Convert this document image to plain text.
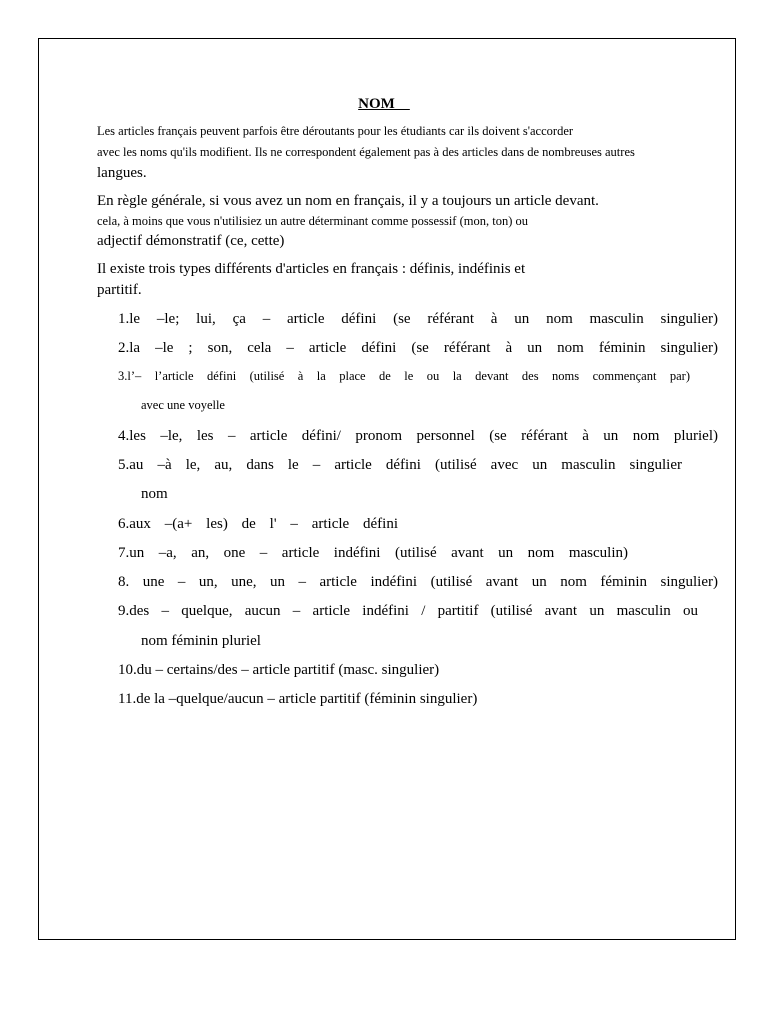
NOM
Les articles français peuvent parfois être déroutants pour les étudiants car ils doivent s'accorder
avec les noms qu'ils modifient. Ils ne correspondent également pas à des articles dans de nombreuses autres
langues.
En règle générale, si vous avez un nom en français, il y a toujours un article devant.
cela, à moins que vous n'utilisiez un autre déterminant comme possessif (mon, ton) ou
adjectif démonstratif (ce, cette)
Il existe trois types différents d'articles en français : définis, indéfinis et
partitif.
1.le –le; lui, ça – article défini (se référant à un nom masculin singulier)
2.la –le ; son, cela – article défini (se référant à un nom féminin singulier)
3.l’– l’article défini (utilisé à la place de le ou la devant des noms commençant par)
avec une voyelle
4.les –le, les – article défini/ pronom personnel (se référant à un nom pluriel)
5.au –à le, au, dans le – article défini (utilisé avec un masculin singulier
nom
6.aux –(a+ les) de l' – article défini
7.un –a, an, one – article indéfini (utilisé avant un nom masculin)
8. une – un, une, un – article indéfini (utilisé avant un nom féminin singulier)
9.des – quelque, aucun – article indéfini / partitif (utilisé avant un masculin ou
nom féminin pluriel
10.du – certains/des – article partitif (masc. singulier)
11.de la –quelque/aucun – article partitif (féminin singulier)
